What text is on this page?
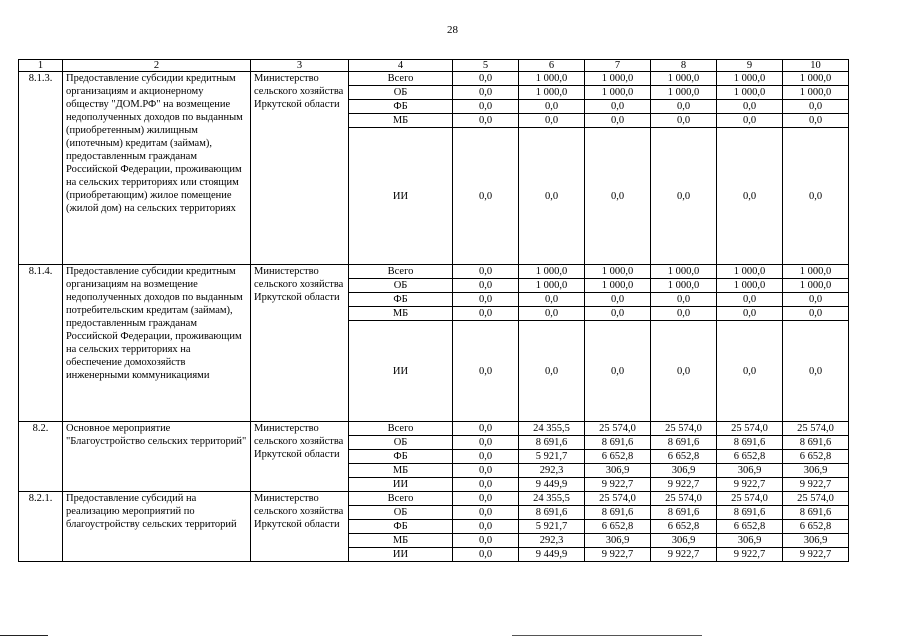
28
1	2	3	4	5	6	7	8	9	10
8.1.3.	Предоставление субсидии кредитным организациям и акционерному обществу "ДОМ.РФ" на возмещение недополученных доходов по выданным (приобретенным) жилищным (ипотечным) кредитам (займам), предоставленным гражданам Российской Федерации, проживающим на сельских территориях или стоящим (приобретающим) жилое помещение (жилой дом) на сельских территориях	Министерство сельского хозяйства Иркутской области	Всего	0,0	1 000,0	1 000,0	1 000,0	1 000,0	1 000,0
			ОБ	0,0	1 000,0	1 000,0	1 000,0	1 000,0	1 000,0
			ФБ	0,0	0,0	0,0	0,0	0,0	0,0
			МБ	0,0	0,0	0,0	0,0	0,0	0,0
			ИИ	0,0	0,0	0,0	0,0	0,0	0,0
8.1.4.	Предоставление субсидии кредитным организациям на возмещение недополученных доходов по выданным потребительским кредитам (займам), предоставленным гражданам Российской Федерации, проживающим на сельских территориях на обеспечение домохозяйств инженерными коммуникациями	Министерство сельского хозяйства Иркутской области	Всего	0,0	1 000,0	1 000,0	1 000,0	1 000,0	1 000,0
			ОБ	0,0	1 000,0	1 000,0	1 000,0	1 000,0	1 000,0
			ФБ	0,0	0,0	0,0	0,0	0,0	0,0
			МБ	0,0	0,0	0,0	0,0	0,0	0,0
			ИИ	0,0	0,0	0,0	0,0	0,0	0,0
8.2.	Основное мероприятие "Благоустройство сельских территорий"	Министерство сельского хозяйства Иркутской области	Всего	0,0	24 355,5	25 574,0	25 574,0	25 574,0	25 574,0
			ОБ	0,0	8 691,6	8 691,6	8 691,6	8 691,6	8 691,6
			ФБ	0,0	5 921,7	6 652,8	6 652,8	6 652,8	6 652,8
			МБ	0,0	292,3	306,9	306,9	306,9	306,9
			ИИ	0,0	9 449,9	9 922,7	9 922,7	9 922,7	9 922,7
8.2.1.	Предоставление субсидий на реализацию мероприятий по благоустройству сельских территорий	Министерство сельского хозяйства Иркутской области	Всего	0,0	24 355,5	25 574,0	25 574,0	25 574,0	25 574,0
			ОБ	0,0	8 691,6	8 691,6	8 691,6	8 691,6	8 691,6
			ФБ	0,0	5 921,7	6 652,8	6 652,8	6 652,8	6 652,8
			МБ	0,0	292,3	306,9	306,9	306,9	306,9
			ИИ	0,0	9 449,9	9 922,7	9 922,7	9 922,7	9 922,7
